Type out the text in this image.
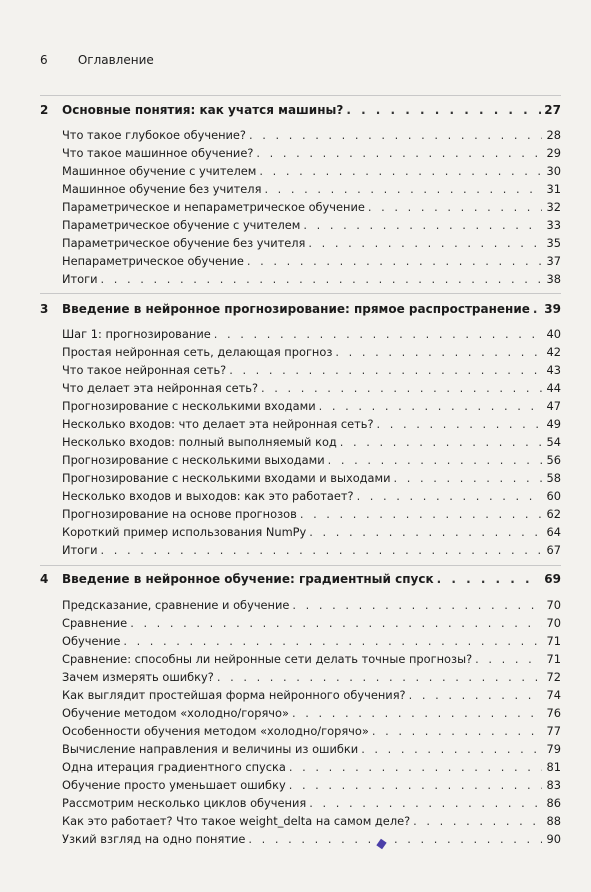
6	Оглавление
2	Основные понятия: как учатся машины? . . .	27
Что такое глубокое обучение? . . .	28
Что такое машинное обучение? . . .	29
Машинное обучение с учителем . . .	30
Машинное обучение без учителя . . .	31
Параметрическое и непараметрическое обучение . . .	32
Параметрическое обучение с учителем . . .	33
Параметрическое обучение без учителя . . .	35
Непараметрическое обучение . . .	37
Итоги . . .	38
3	Введение в нейронное прогнозирование: прямое распространение . . . 39
Шаг 1: прогнозирование . . .	40
Простая нейронная сеть, делающая прогноз . . .	42
Что такое нейронная сеть? . . .	43
Что делает эта нейронная сеть? . . .	44
Прогнозирование с несколькими входами . . .	47
Несколько входов: что делает эта нейронная сеть? . . .	49
Несколько входов: полный выполняемый код . . .	54
Прогнозирование с несколькими выходами . . .	56
Прогнозирование с несколькими входами и выходами . . .	58
Несколько входов и выходов: как это работает? . . .	60
Прогнозирование на основе прогнозов . . .	62
Короткий пример использования NumPy . . .	64
Итоги . . .	67
4	Введение в нейронное обучение: градиентный спуск . . .	69
Предсказание, сравнение и обучение . . .	70
Сравнение . . .	70
Обучение . . .	71
Сравнение: способны ли нейронные сети делать точные прогнозы? . . .	71
Зачем измерять ошибку? . . .	72
Как выглядит простейшая форма нейронного обучения? . . .	74
Обучение методом «холодно/горячо» . . .	76
Особенности обучения методом «холодно/горячо» . . .	77
Вычисление направления и величины из ошибки . . .	79
Одна итерация градиентного спуска . . .	81
Обучение просто уменьшает ошибку . . .	83
Рассмотрим несколько циклов обучения . . .	86
Как это работает? Что такое weight_delta на самом деле? . . .	88
Узкий взгляд на одно понятие . . .	90
